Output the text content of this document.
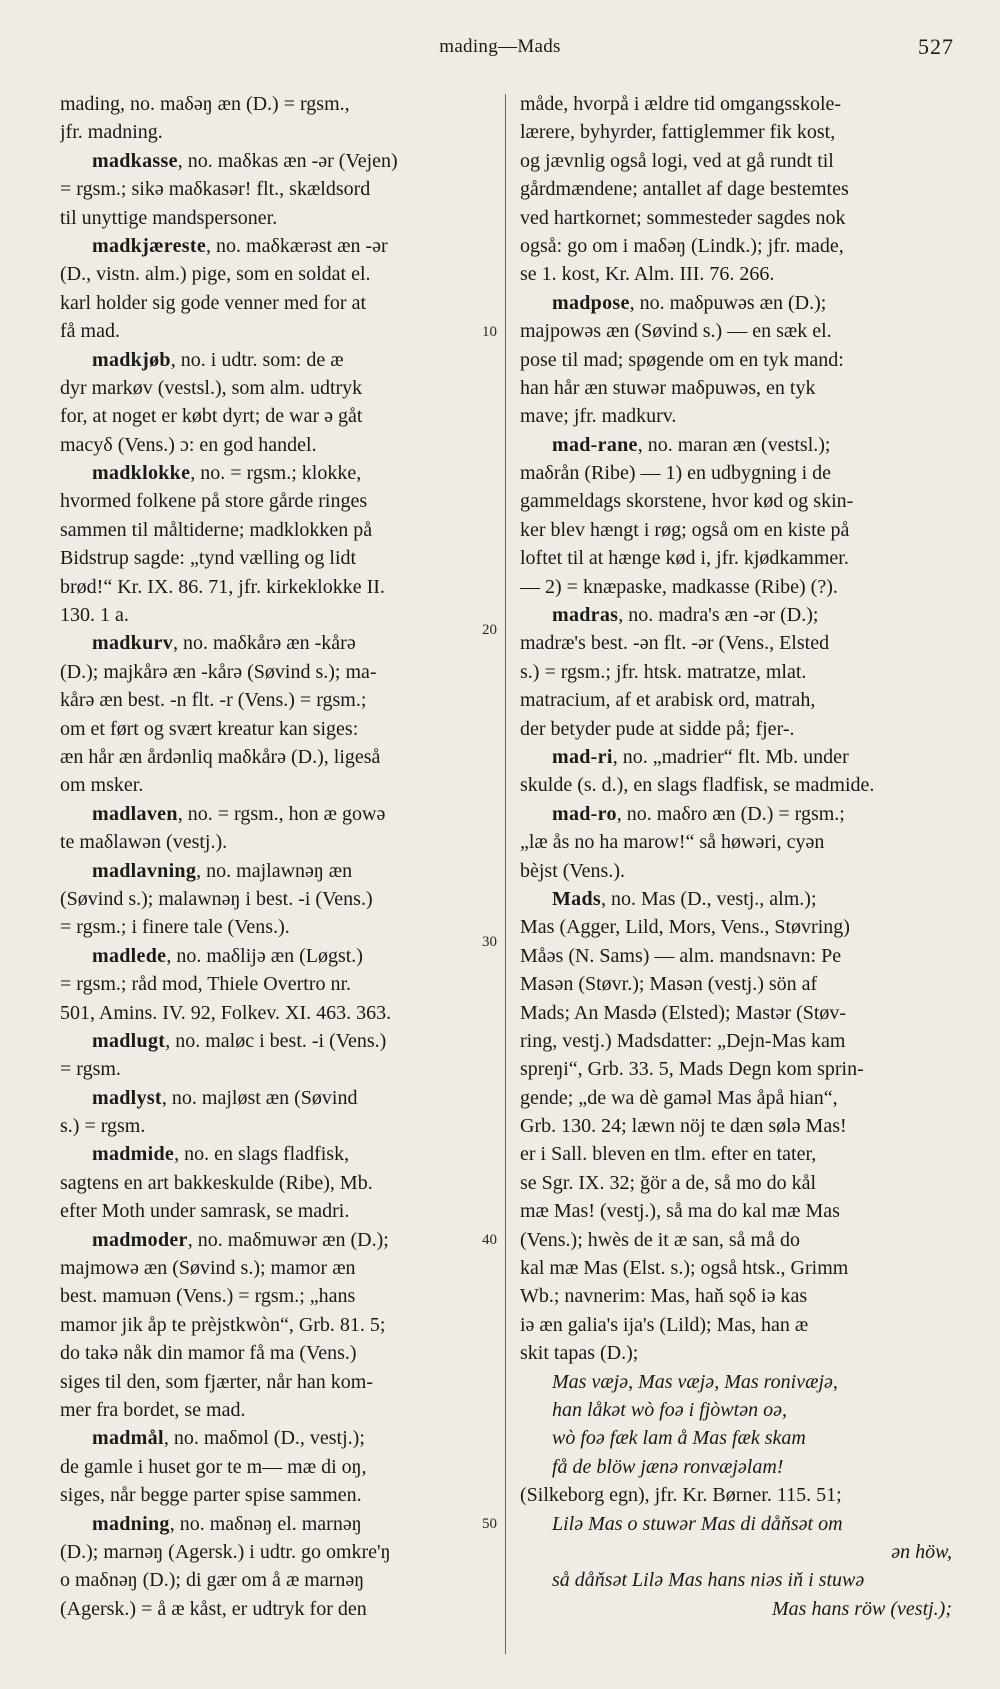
mading—Mads	527
mading, no. maδəŋ æn (D.) = rgsm.,
jfr. madning.
madkasse, no. maδkas æn -ər (Vejen)
= rgsm.; sikə maδkasər! flt., skældsord
til unyttige mandspersoner.
madkjæreste, no. maδkærəst æn -ər
(D., vistn. alm.) pige, som en soldat el.
karl holder sig gode venner med for at
få mad.
madkjøb, no. i udtr. som: de æ
dyr markøv (vestsl.), som alm. udtryk
for, at noget er købt dyrt; de war ə gåt
macyδ (Vens.) ɔ: en god handel.
madklokke, no. = rgsm.; klokke,
hvormed folkene på store gårde ringes
sammen til måltiderne; madklokken på
Bidstrup sagde: „tynd vælling og lidt
brød!“ Kr. IX. 86. 71, jfr. kirkeklokke II.
130. 1 a.
madkurv, no. maδkårə æn -kårə
(D.); majkårə æn -kårə (Søvind s.); ma-
kårə æn best. -n flt. -r (Vens.) = rgsm.;
om et ført og svært kreatur kan siges:
æn hår æn årdənliq maδkårə (D.), ligeså
om msker.
madlaven, no. = rgsm., hon æ gowə
te maδlawən (vestj.).
madlavning, no. majlawnəŋ æn
(Søvind s.); malawnəŋ i best. -i (Vens.)
= rgsm.; i finere tale (Vens.).
madlede, no. maδlijə æn (Løgst.)
= rgsm.; råd mod, Thiele Overtro nr.
501, Amins. IV. 92, Folkev. XI. 463. 363.
madlugt, no. maløc i best. -i (Vens.)
= rgsm.
madlyst, no. majløst æn (Søvind
s.) = rgsm.
madmide, no. en slags fladfisk,
sagtens en art bakkeskulde (Ribe), Mb.
efter Moth under samrask, se madri.
madmoder, no. maδmuwər æn (D.);
majmowə æn (Søvind s.); mamor æn
best. mamuən (Vens.) = rgsm.; „hans
mamor jik åp te prèjstkwòn“, Grb. 81. 5;
do takə nåk din mamor få ma (Vens.)
siges til den, som fjærter, når han kom-
mer fra bordet, se mad.
madmål, no. maδmol (D., vestj.);
de gamle i huset gor te m— mæ di oŋ,
siges, når begge parter spise sammen.
madning, no. maδnəŋ el. marnəŋ
(D.); marnəŋ (Agersk.) i udtr. go omkre'ŋ
o maδnəŋ (D.); di gær om å æ marnəŋ
(Agersk.) = å æ kåst, er udtryk for den
måde, hvorpå i ældre tid omgangsskole-
lærere, byhyrder, fattiglemmer fik kost,
og jævnlig også logi, ved at gå rundt til
gårdmændene; antallet af dage bestemtes
ved hartkornet; sommesteder sagdes nok
også: go om i maδəŋ (Lindk.); jfr. made,
se 1. kost, Kr. Alm. III. 76. 266.
madpose, no. maδpuwəs æn (D.);
majpowəs æn (Søvind s.) — en sæk el.
pose til mad; spøgende om en tyk mand:
han hår æn stuwər maδpuwəs, en tyk
mave; jfr. madkurv.
mad-rane, no. maran æn (vestsl.);
maδrån (Ribe) — 1) en udbygning i de
gammeldags skorstene, hvor kød og skin-
ker blev hængt i røg; også om en kiste på
loftet til at hænge kød i, jfr. kjødkammer.
— 2) = knæpaske, madkasse (Ribe) (?).
madras, no. madra's æn -ər (D.);
madræ's best. -ən flt. -ər (Vens., Elsted
s.) = rgsm.; jfr. htsk. matratze, mlat.
matracium, af et arabisk ord, matrah,
der betyder pude at sidde på; fjer-.
mad-ri, no. „madrier“ flt. Mb. under
skulde (s. d.), en slags fladfisk, se madmide.
mad-ro, no. maδro æn (D.) = rgsm.;
„læ ås no ha marow!“ så høwəri, cyən
bèjst (Vens.).
Mads, no. Mas (D., vestj., alm.);
Mas (Agger, Lild, Mors, Vens., Støvring)
Måəs (N. Sams) — alm. mandsnavn: Pe
Masən (Støvr.); Masən (vestj.) sön af
Mads; An Masdə (Elsted); Mastər (Støv-
ring, vestj.) Madsdatter: „Dejn-Mas kam
spreŋi“, Grb. 33. 5, Mads Degn kom sprin-
gende; „de wa dè gaməl Mas åpå hian“,
Grb. 130. 24; læwn nöj te dæn sølə Mas!
er i Sall. bleven en tlm. efter en tater,
se Sgr. IX. 32; ğör a de, så mo do kål
mæ Mas! (vestj.), så ma do kal mæ Mas
(Vens.); hwès de it æ san, så må do
kal mæ Mas (Elst. s.); også htsk., Grimm
Wb.; navnerim: Mas, haň sǫδ iə kas
iə æn galia's ija's (Lild); Mas, han æ
skit tapas (D.);
Mas væjə, Mas væjə, Mas ronivæjə,
han låkət wò foə i fjòwtən oə,
wò foə fæk lam å Mas fæk skam
få de blöw jænə ronvæjəlam!
(Silkeborg egn), jfr. Kr. Børner. 115. 51;
Lilə Mas o stuwər Mas di dåňsət om
ən höw,
så dåňsət Lilə Mas hans niəs iň i stuwə
Mas hans röw (vestj.);
10
20
30
40
50
